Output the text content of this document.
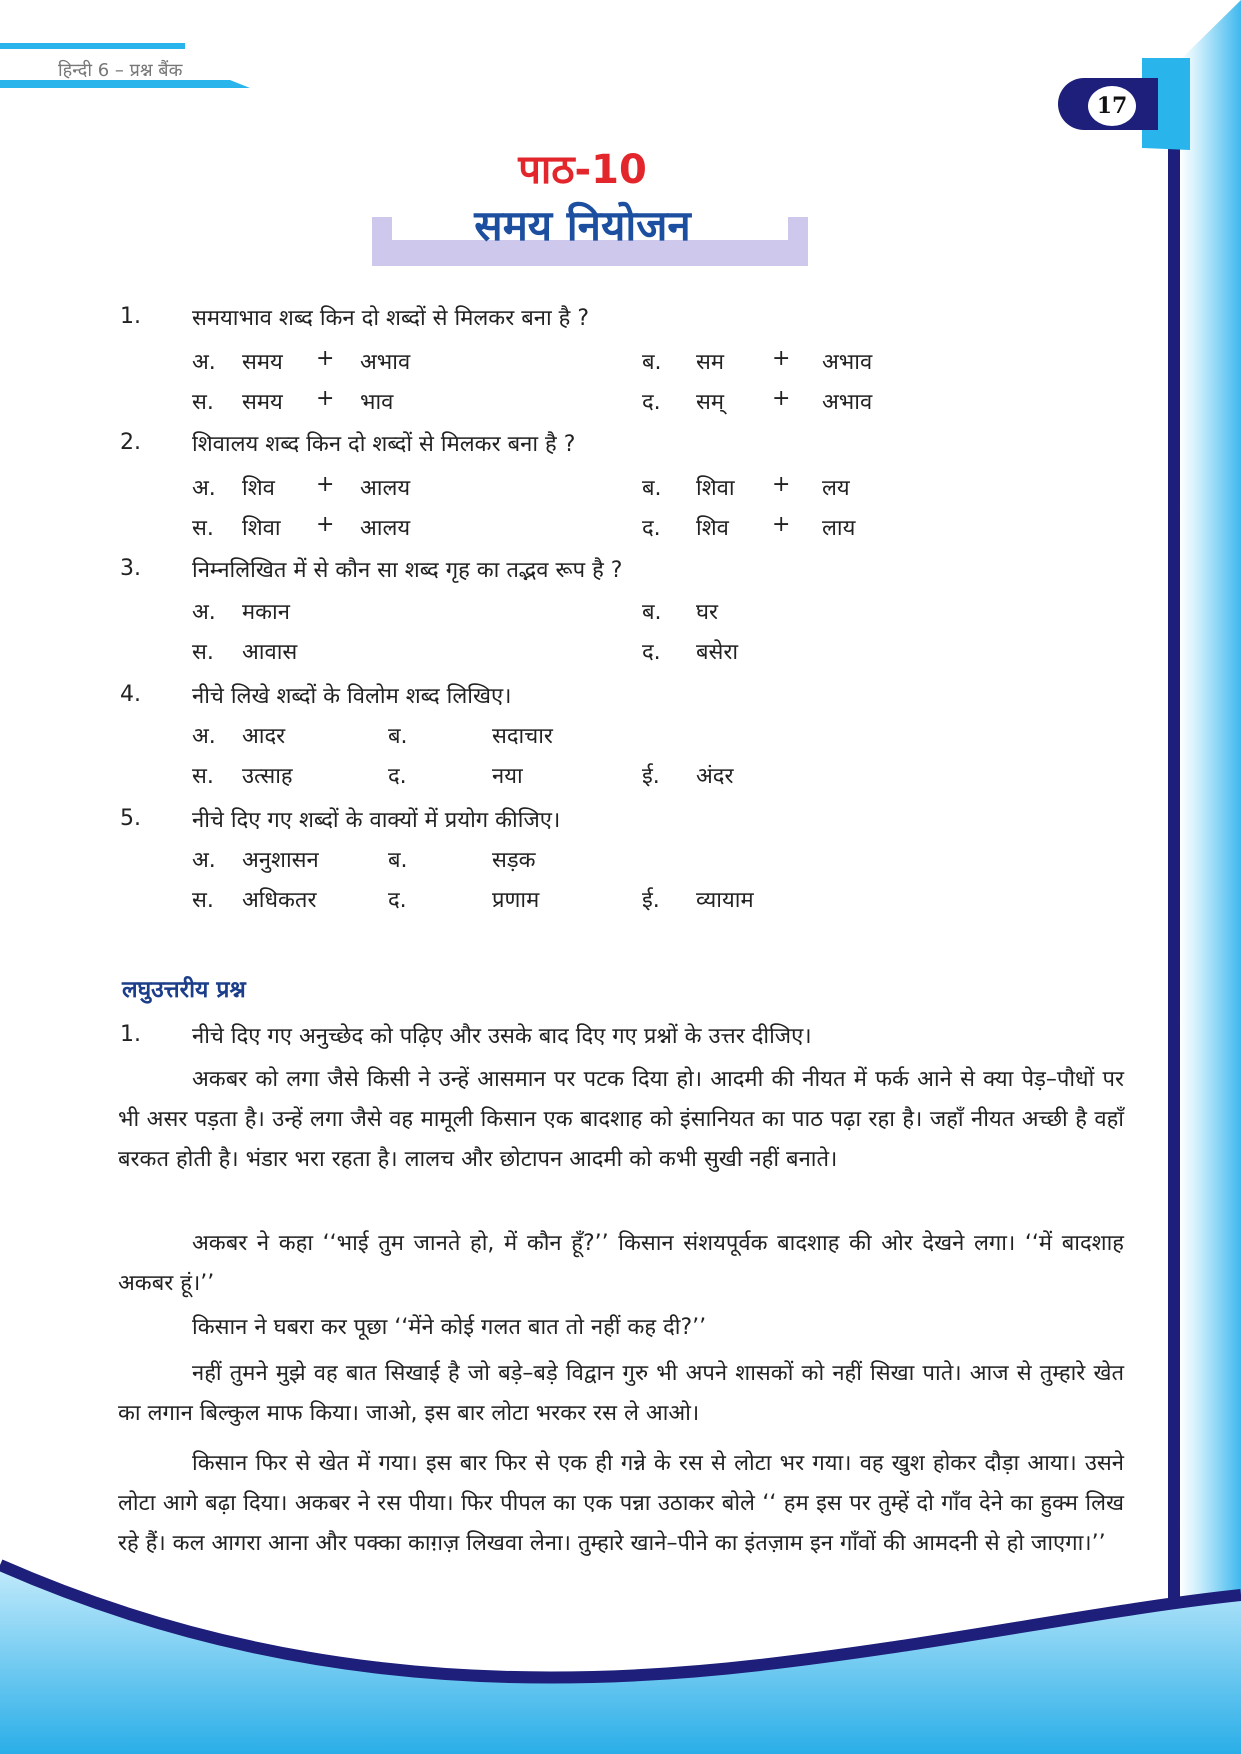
हिन्दी 6 – प्रश्न बैंक
17
पाठ-10
समय नियोजन
1. समयाभाव शब्द किन दो शब्दों से मिलकर बना है ?
अ. समय + अभाव	ब. सम + अभाव
स. समय + भाव	द. सम् + अभाव
2. शिवालय शब्द किन दो शब्दों से मिलकर बना है ?
अ. शिव + आलय	ब. शिवा + लय
स. शिवा + आलय	द. शिव + लाय
3. निम्नलिखित में से कौन सा शब्द गृह का तद्भव रूप है ?
अ. मकान	ब. घर
स. आवास	द. बसेरा
4. नीचे लिखे शब्दों के विलोम शब्द लिखिए।
अ. आदर	ब.	सदाचार
स. उत्साह	द.	नया	ई. अंदर
5. नीचे दिए गए शब्दों के वाक्यों में प्रयोग कीजिए।
अ. अनुशासन	ब.	सड़क
स. अधिकतर	द.	प्रणाम	ई. व्यायाम
लघुउत्तरीय प्रश्न
1. नीचे दिए गए अनुच्छेद को पढ़िए और उसके बाद दिए गए प्रश्नों के उत्तर दीजिए।

अकबर को लगा जैसे किसी ने उन्हें आसमान पर पटक दिया हो। आदमी की नीयत में फर्क आने से क्या पेड़–पौधों पर भी असर पड़ता है। उन्हें लगा जैसे वह मामूली किसान एक बादशाह को इंसानियत का पाठ पढ़ा रहा है। जहाँ नीयत अच्छी है वहाँ बरकत होती है। भंडार भरा रहता है। लालच और छोटापन आदमी को कभी सुखी नहीं बनाते।

अकबर ने कहा ‘‘भाई तुम जानते हो, में कौन हूँ?’’ किसान संशयपूर्वक बादशाह की ओर देखने लगा। ‘‘में बादशाह अकबर हूं।’’

किसान ने घबरा कर पूछा ‘‘मेंने कोई गलत बात तो नहीं कह दी?’’

नहीं तुमने मुझे वह बात सिखाई है जो बड़े–बड़े विद्वान गुरु भी अपने शासकों को नहीं सिखा पाते। आज से तुम्हारे खेत का लगान बिल्कुल माफ किया। जाओ, इस बार लोटा भरकर रस ले आओ।

किसान फिर से खेत में गया। इस बार फिर से एक ही गन्ने के रस से लोटा भर गया। वह खुश होकर दौड़ा आया। उसने लोटा आगे बढ़ा दिया। अकबर ने रस पीया। फिर पीपल का एक पन्ना उठाकर बोले ‘‘ हम इस पर तुम्हें दो गाँव देने का हुक्म लिख रहे हैं। कल आगरा आना और पक्का काग़ज़ लिखवा लेना। तुम्हारे खाने–पीने का इंतज़ाम इन गाँवों की आमदनी से हो जाएगा।’’
